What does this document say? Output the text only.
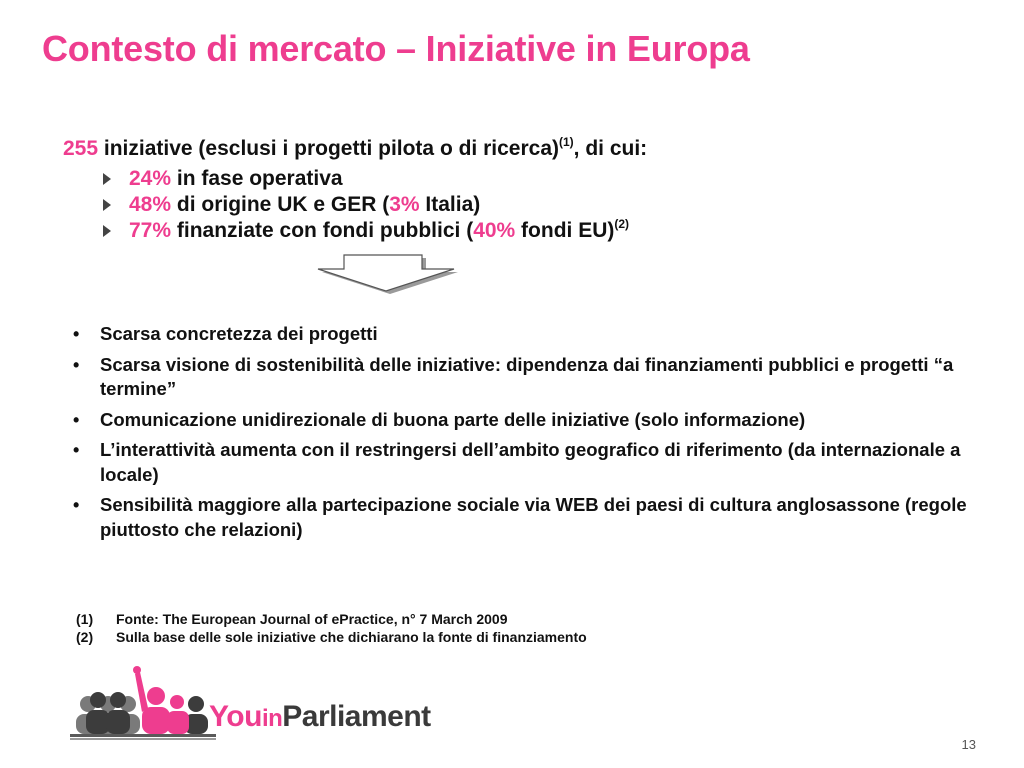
Contesto di mercato – Iniziative in Europa
255 iniziative (esclusi i progetti pilota o di ricerca)$^{(1)}$, di cui:
24% in fase operativa
48% di origine UK e GER (3% Italia)
77% finanziate con fondi pubblici (40% fondi EU)$^{(2)}$
• Scarsa concretezza dei progetti
• Scarsa visione di sostenibilità delle iniziative: dipendenza dai finanziamenti pubblici e progetti “a termine”
• Comunicazione unidirezionale di buona parte delle iniziative (solo informazione)
• L’interattività aumenta con il restringersi dell’ambito geografico di riferimento (da internazionale a locale)
• Sensibilità maggiore alla partecipazione sociale via WEB dei paesi di cultura anglosassone (regole piuttosto che relazioni)
(1) Fonte: The European Journal of ePractice, n° 7 March 2009
(2) Sulla base delle sole iniziative che dichiarano la fonte di finanziamento
YouinParliament
13
